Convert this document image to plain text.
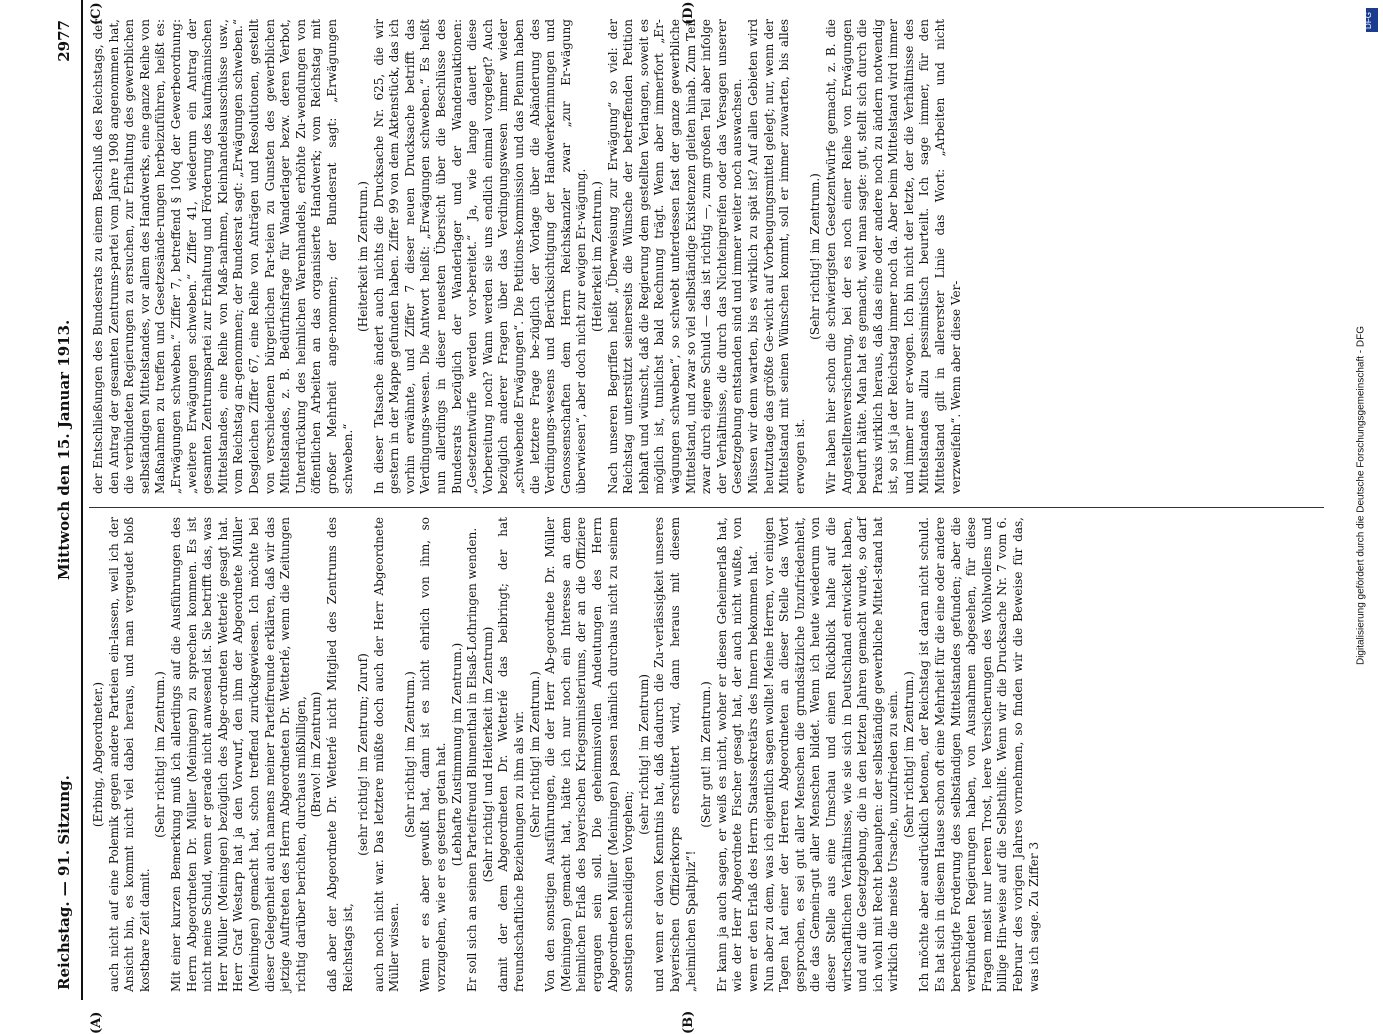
Reichstag. — 91. Sitzung.
Mittwoch den 15. Januar 1913.
2977
(A)	(B)
(C)	(D)

(Erbing, Abgeordneter.) auch nicht auf eine Polemik gegen andere Parteien ein-lassen, weil ich der Ansicht bin, es kommt nicht viel dabei heraus, und man vergeudet bloß kostbare Zeit damit.

(Sehr richtig! im Zentrum.) Mit einer kurzen Bemerkung muß ich allerdings auf die Ausführungen des Herrn Abgeordneten Dr. Müller (Meiningen) zu sprechen kommen. Es ist nicht meine Schuld, wenn er gerade nicht anwesend ist. Sie betrifft das, was Herr Müller (Meiningen) bezüglich des Abge-ordneten Wetterlé gesagt hat. Herr Graf Westarp hat ja den Vorwurf, den ihm der Abgeordnete Müller (Meiningen) gemacht hat, schon treffend zurückgewiesen. Ich möchte bei dieser Gelegenheit auch namens meiner Parteifreunde erklären, daß wir das jetzige Auftreten des Herrn Abgeordneten Dr. Wetterlé, wenn die Zeitungen richtig darüber berichten, durchaus mißbilligen, (Bravo! im Zentrum) daß aber der Abgeordnete Dr. Wetterlé nicht Mitglied des Zentrums des Reichstags ist,

(sehr richtig! im Zentrum; Zuruf) auch noch nicht war. Das letztere müßte doch auch der Herr Abgeordnete Müller wissen.

(Sehr richtig! im Zentrum.) Wenn er es aber gewußt hat, dann ist es nicht ehrlich von ihm, so vorzugehen, wie er es gestern getan hat. (Lebhafte Zustimmung im Zentrum.) Er soll sich an seinen Parteifreund Blumenthal in Elsaß-Lothringen wenden. (Sehr richtig! und Heiterkeit im Zentrum) damit der dem Abgeordneten Dr. Wetterlé das beibringt; der hat freundschaftliche Beziehungen zu ihm als wir. (Sehr richtig! im Zentrum.) Von den sonstigen Ausführungen, die der Herr Ab-geordnete Dr. Müller (Meiningen) gemacht hat, hätte ich nur noch ein Interesse an dem heimlichen Erlaß des bayerischen Kriegsministeriums, der an die Offiziere ergangen sein soll. Die geheimnisvollen Andeutungen des Herrn Abgeordneten Müller (Meiningen) passen nämlich durchaus nicht zu seinem sonstigen schneidigen Vorgehen;

(sehr richtig! im Zentrum) und wenn er davon Kenntnis hat, daß dadurch die Zu-verlässigkeit unseres bayerischen Offizierkorps erschüttert wird, dann heraus mit diesem „heimlichen Spaltpilz“!

(Sehr gut! im Zentrum.) Er kann ja auch sagen, er weiß es nicht, woher er diesen Geheimerlaß hat, wie der Herr Abgeordnete Fischer gesagt hat, der auch nicht wußte, von wem er den Erlaß des Herrn Staatssekretärs des Innern bekommen hat. Nun aber zu dem, was ich eigentlich sagen wollte! Meine Herren, vor einigen Tagen hat einer der Herren Abgeordneten an dieser Stelle das Wort gesprochen, es sei gut aller Menschen die grundsätzliche Unzufriedenheit, die das Gemein-gut aller Menschen bildet. Wenn ich heute wiederum von dieser Stelle aus eine Umschau und einen Rückblick halte auf die wirtschaftlichen Verhältnisse, wie sie sich in Deutschland entwickelt haben, und auf die Gesetzgebung, die in den letzten Jahren gemacht wurde, so darf ich wohl mit Recht behaupten: der selbständige gewerbliche Mittel-stand hat wirklich die meiste Ursache, unzufrieden zu sein. (Sehr richtig! im Zentrum.) Ich möchte aber ausdrücklich betonen, der Reichstag ist daran nicht schuld. Es hat sich in diesem Hause schon oft eine Mehrheit für die eine oder andere berechtigte Forderung des selbständigen Mittelstandes gefunden; aber die verbündeten Regierungen haben, von Ausnahmen abgesehen, für diese Fragen meist nur leeren Trost, leere Versicherungen des Wohlwollens und billige Hin-weise auf die Selbsthilfe. Wenn wir die Drucksache Nr. 7 vom 6. Februar des vorigen Jahres vornehmen, so finden wir die Beweise für das, was ich sage. Zu Ziffer 3

der Entschließungen des Bundesrats zu einem Beschluß des Reichstags, der den Antrag der gesamten Zentrums-partei vom Jahre 1908 angenommen hat, die verbündeten Regierungen zu ersuchen, zur Erhaltung des gewerblichen selbständigen Mittelstandes, vor allem des Handwerks, eine ganze Reihe von Maßnahmen zu treffen und Gesetzesände-rungen herbeizuführen, heißt es: „Erwägungen schweben.“ Ziffer 7, betreffend § 100q der Gewerbeordnung: „weitere Erwägungen schweben.“ Ziffer 41, wiederum ein Antrag der gesamten Zentrumspartei zur Erhaltung und Förderung des kaufmännischen Mittelstandes, eine Reihe von Maß-nahmen, Kleinhandelsausschüsse usw., vom Reichstag an-genommen; der Bundesrat sagt: „Erwägungen schweben.“ Desgleichen Ziffer 67, eine Reihe von Anträgen und Resolutionen, gestellt von verschiedenen bürgerlichen Par-teien zu Gunsten des gewerblichen Mittelstandes, z. B. Bedürfnisfrage für Wanderlager bezw. deren Verbot, Unterdrückung des heimlichen Warenhandels, erhöhte Zu-wendungen von öffentlichen Arbeiten an das organisierte Handwerk; vom Reichstag mit großer Mehrheit ange-nommen; der Bundesrat sagt: „Erwägungen schweben.“

(Heiterkeit im Zentrum.) In dieser Tatsache ändert auch nichts die Drucksache Nr. 625, die wir gestern in der Mappe gefunden haben. Ziffer 99 von dem Aktenstück, das ich vorhin erwähnte, und Ziffer 7 dieser neuen Drucksache betrifft das Verdingungs-wesen. Die Antwort heißt: „Erwägungen schweben.“ Es heißt nun allerdings in dieser neuesten Übersicht über die Beschlüsse des Bundesrats bezüglich der Wanderlager und der Wanderauktionen: „Gesetzentwürfe werden vor-bereitet.“ Ja, wie lange dauert diese Vorbereitung noch? Wann werden sie uns endlich einmal vorgelegt? Auch bezüglich anderer Fragen über das Verdingungswesen immer wieder „schwebende Erwägungen“. Die Petitions-kommission und das Plenum haben die letztere Frage be-züglich der Vorlage über die Abänderung des Verdingungs-wesens und Berücksichtigung der Handwerkerinnungen und Genossenschaften dem Herrn Reichskanzler zwar „zur Er-wägung überwiesen“, aber doch nicht zur ewigen Er-wägung. (Heiterkeit im Zentrum.) Nach unseren Begriffen heißt „Überweisung zur Erwägung“ so viel: der Reichstag unterstützt seinerseits die Wünsche der betreffenden Petition lebhaft und wünscht, daß die Regierung dem gestellten Verlangen, soweit es möglich ist, tunlichst bald Rechnung trägt. Wenn aber immerfort „Er-wägungen schweben“, so schwebt unterdessen fast der ganze gewerbliche Mittelstand, und zwar so viel selbständige Existenzen gleiten hinab. Zum Teil zwar durch eigene Schuld — das ist richtig —, zum großen Teil aber infolge der Verhältnisse, die durch das Nichteingreifen oder das Versagen unserer Gesetzgebung entstanden sind und immer weiter noch auswachsen. Müssen wir denn warten, bis es wirklich zu spät ist? Auf allen Gebieten wird heutzutage das größte Ge-wicht auf Vorbeugungsmittel gelegt; nur, wenn der Mittelstand mit seinen Wünschen kommt, soll er immer zuwarten, bis alles erwogen ist.

(Sehr richtig! im Zentrum.) Wir haben hier schon die schwierigsten Gesetzentwürfe gemacht, z. B. die Angestelltenversicherung, bei der es noch einer Reihe von Erwägungen bedurft hätte. Man hat es gemacht, weil man sagte: gut, stellt sich durch die Praxis wirklich heraus, daß das eine oder andere noch zu ändern notwendig ist, so ist ja der Reichstag immer noch da. Aber beim Mittelstand wird immer und immer nur er-wogen. Ich bin nicht der letzte, der die Verhältnisse des Mittelstandes allzu pessimistisch beurteilt. Ich sage immer, für den Mittelstand gilt in allererster Linie das Wort: „Arbeiten und nicht verzweifeln“. Wenn aber diese Ver-	Digitalisierung gefördert durch die Deutsche Forschungsgemeinschaft - DFG
DFG
